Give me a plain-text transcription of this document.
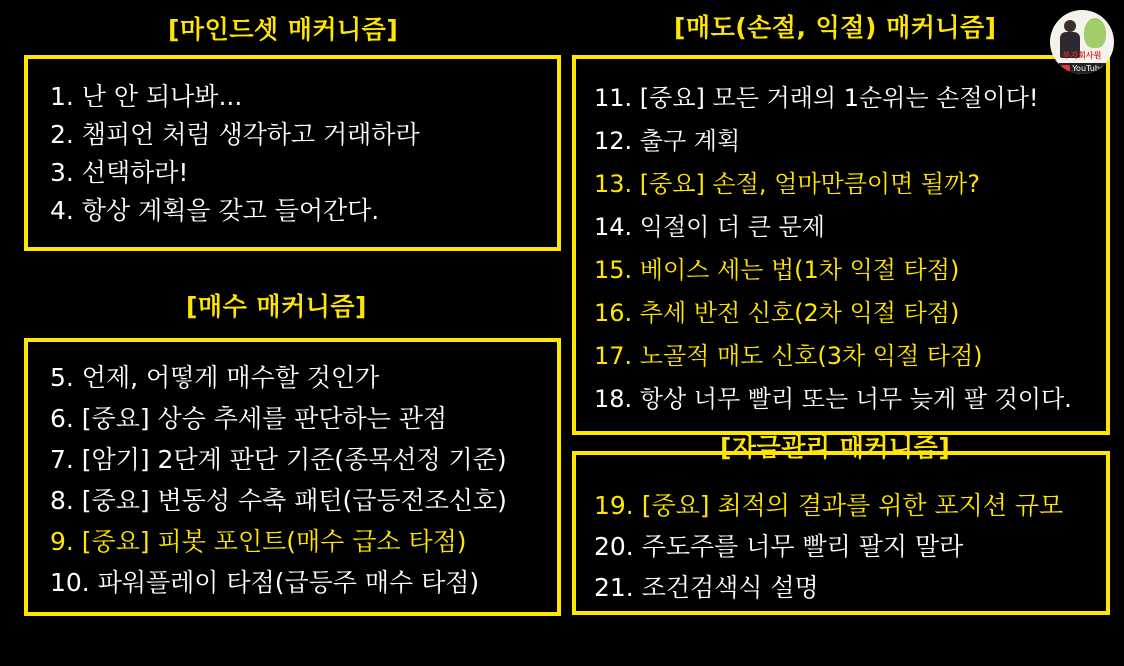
[마인드셋 매커니즘]
1. 난 안 되나봐...
2. 챔피언 처럼 생각하고 거래하라
3. 선택하라!
4. 항상 계획을 갖고 들어간다.
[매수 매커니즘]
5. 언제, 어떻게 매수할 것인가
6. [중요] 상승 추세를 판단하는 관점
7. [암기] 2단계 판단 기준(종목선정 기준)
8. [중요] 변동성 수축 패턴(급등전조신호)
9. [중요] 피봇 포인트(매수 급소 타점)
10. 파워플레이 타점(급등주 매수 타점)
[매도(손절, 익절) 매커니즘]
11. [중요] 모든 거래의 1순위는 손절이다!
12. 출구 계획
13. [중요] 손절, 얼마만큼이면 될까?
14. 익절이 더 큰 문제
15. 베이스 세는 법(1차 익절 타점)
16. 추세 반전 신호(2차 익절 타점)
17. 노골적 매도 신호(3차 익절 타점)
18. 항상 너무 빨리 또는 너무 늦게 팔 것이다.
19. [중요] 최적의 결과를 위한 포지션 규모
20. 주도주를 너무 빨리 팔지 말라
21. 조건검색식 설명
[자금관리 매커니즘]
부자회사원
YouTube
